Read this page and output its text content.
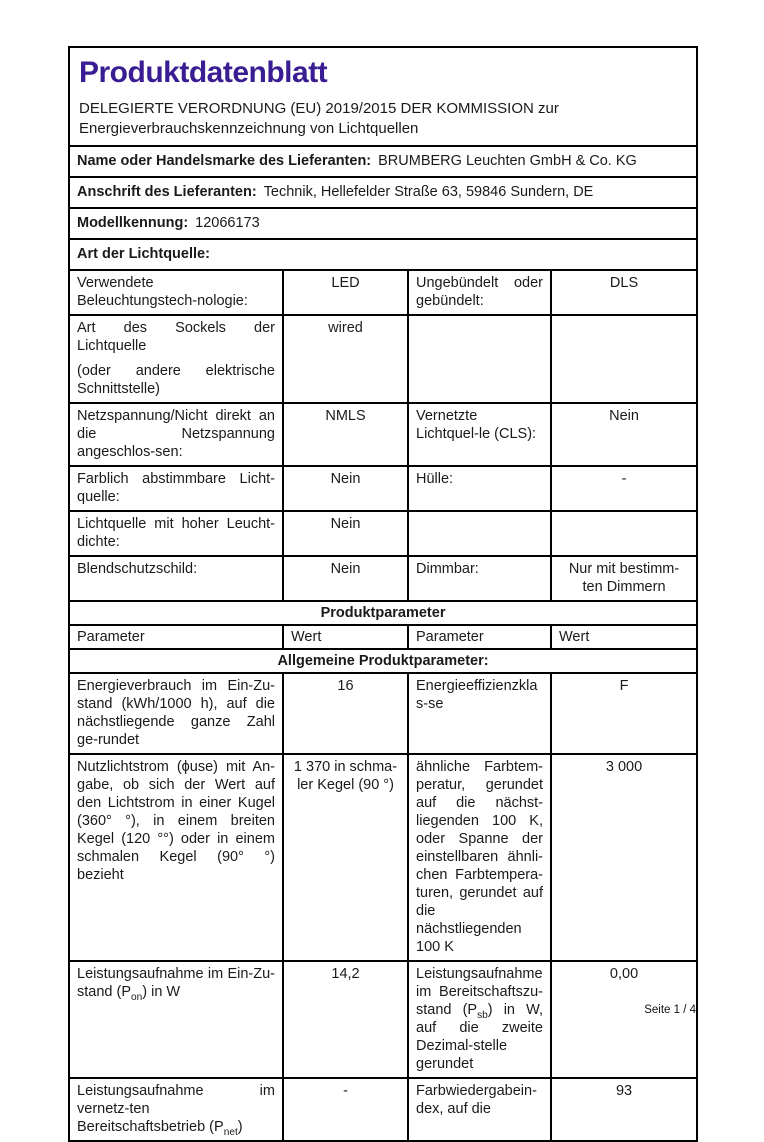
Produktdatenblatt
DELEGIERTE VERORDNUNG (EU) 2019/2015 DER KOMMISSION zur
Energieverbrauchskennzeichnung von Lichtquellen			

Name oder Handelsmarke des Lieferanten: BRUMBERG Leuchten GmbH & Co. KG			
Anschrift des Lieferanten: Technik, Hellefelder Straße 63, 59846 Sundern, DE			
Modellkennung: 12066173			
Art der Lichtquelle:			
Verwendete Beleuchtungstech-nologie:	LED	Ungebündelt oder gebündelt:	DLS

Art des Sockels der Lichtquelle
(oder andere elektrische Schnittstelle)	wired		
Netzspannung/Nicht direkt an die Netzspannung angeschlos-sen:	NMLS	Vernetzte Lichtquel-le (CLS):	Nein
Farblich abstimmbare Licht-quelle:	Nein	Hülle:	-
Lichtquelle mit hoher Leucht-dichte:	Nein		
Blendschutzschild:	Nein	Dimmbar:	Nur mit bestimm-ten Dimmern
Produktparameter			
Parameter	Wert	Parameter	Wert
Allgemeine Produktparameter:			
Energieverbrauch im Ein-Zu-stand (kWh/1000 h), auf die nächstliegende ganze Zahl ge-rundet	16	Energieeffizienzklas-se	F
Nutzlichtstrom (ϕuse) mit An-gabe, ob sich der Wert auf den Lichtstrom in einer Kugel (360° °), in einem breiten Kegel (120 °°) oder in einem schmalen Kegel (90° °) bezieht	1 370 in schma-ler Kegel (90 °)	ähnliche Farbtem-peratur, gerundet auf die nächst-liegenden 100 K, oder Spanne der einstellbaren ähnli-chen Farbtempera-turen, gerundet auf die nächstliegenden 100 K	3 000
Leistungsaufnahme im Ein-Zu-stand $(P_{on})$ in W	14,2	Leistungsaufnahme im Bereitschaftszu-stand $(P_{sb})$ in W, auf die zweite Dezimal-stelle gerundet	0,00
Leistungsaufnahme im vernetz-ten Bereitschaftsbetrieb $(P_{net})$	-	Farbwiedergabein-dex, auf die	93
Seite 1 / 4
